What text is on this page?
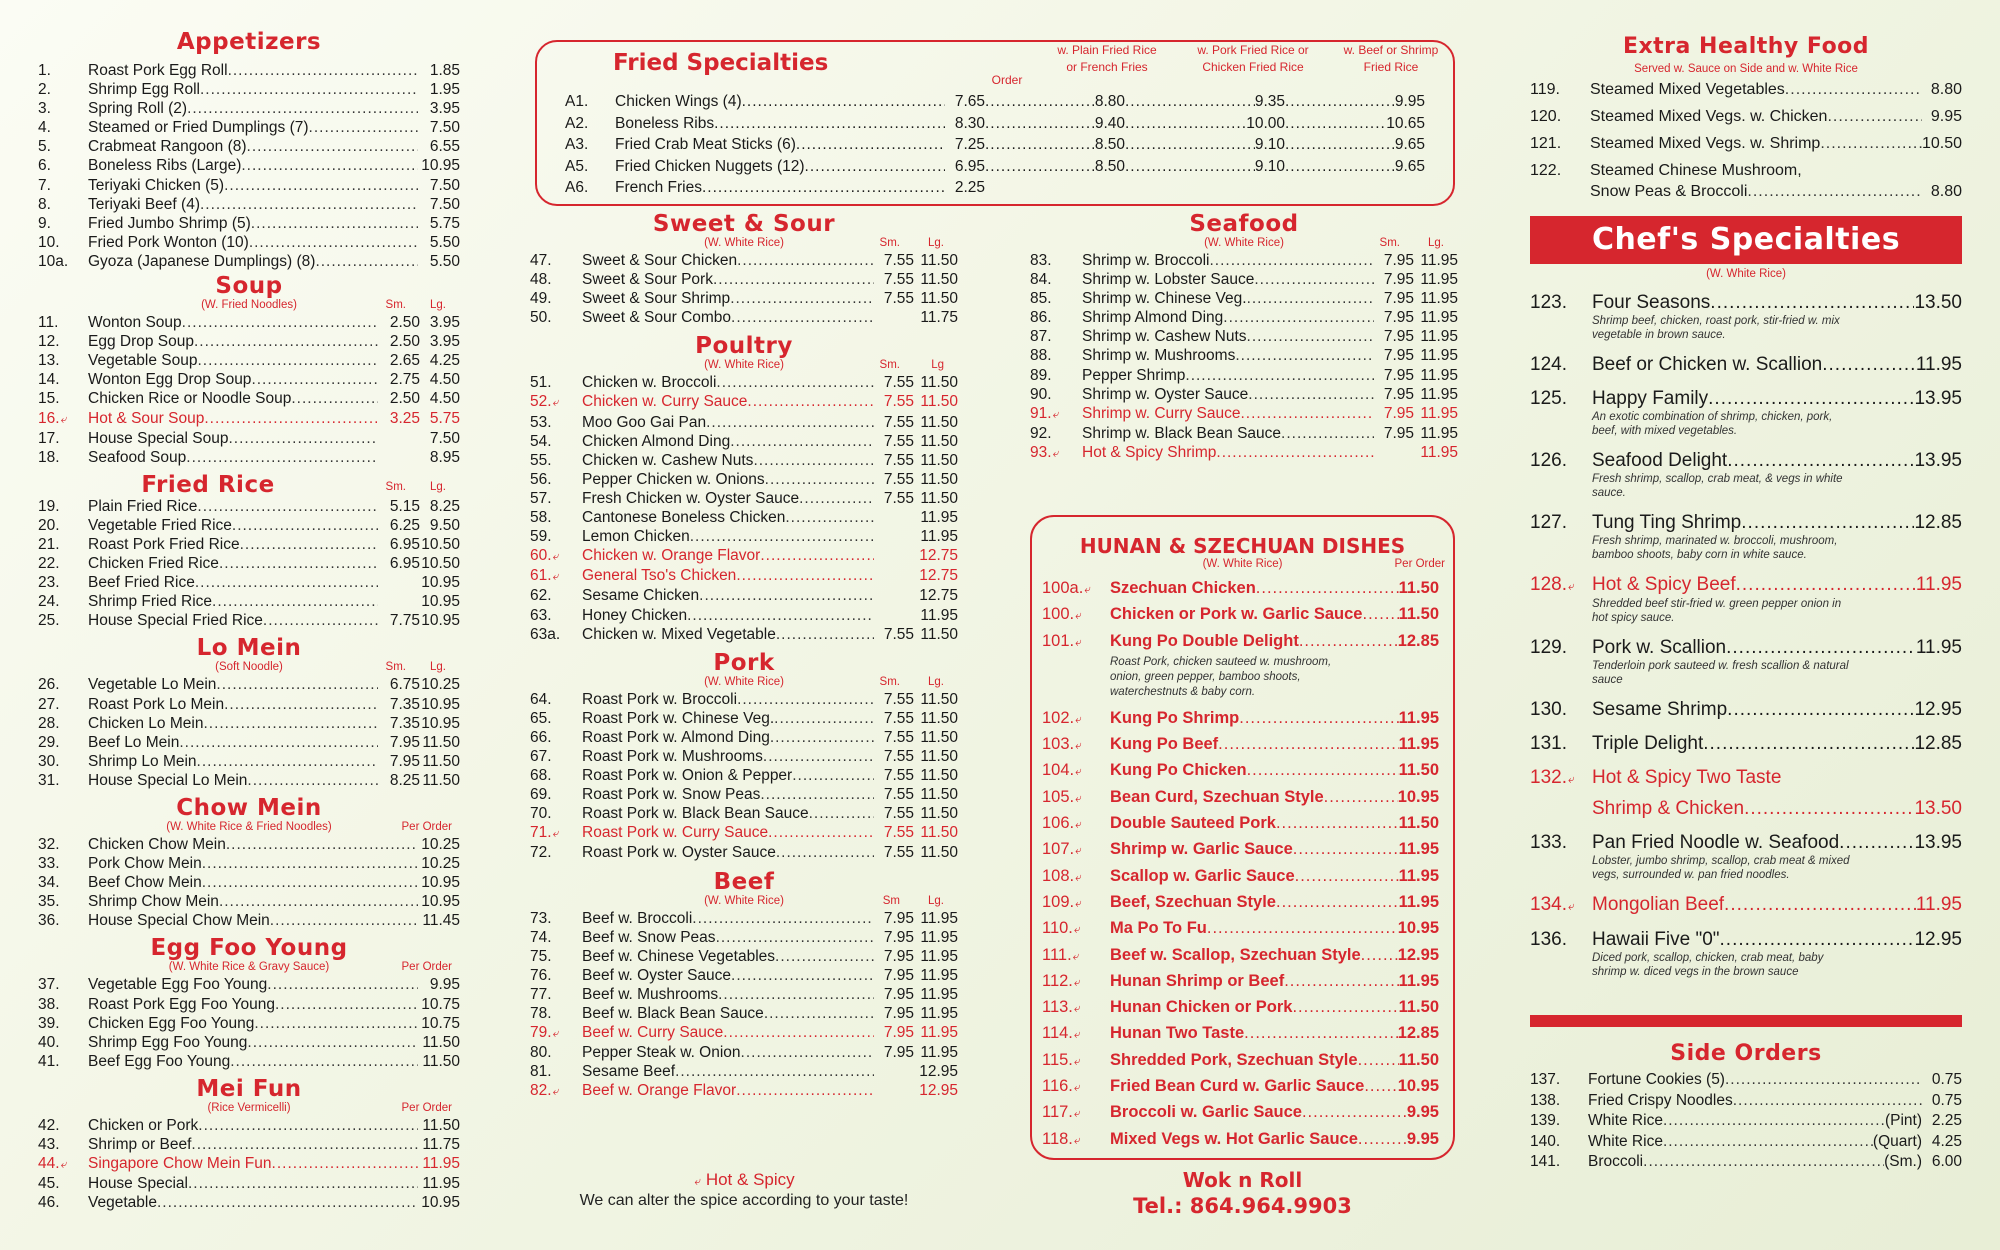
Appetizers
1.	Roast Pork Egg Roll .....	1.85
2.	Shrimp Egg Roll .....	1.95
3.	Spring Roll (2) .....	3.95
4.	Steamed or Fried Dumplings (7) .....	7.50
5.	Crabmeat Rangoon (8) .....	6.55
6.	Boneless Ribs (Large) .....	10.95
7.	Teriyaki Chicken (5) .....	7.50
8.	Teriyaki Beef (4) .....	7.50
9.	Fried Jumbo Shrimp (5) .....	5.75
10.	Fried Pork Wonton (10) .....	5.50
10a.	Gyoza (Japanese Dumplings) (8) .....	5.50
Soup
(W. Fried Noodles)	Sm. Lg.
11.	Wonton Soup .....	2.50 3.95
12.	Egg Drop Soup .....	2.50 3.95
13.	Vegetable Soup .....	2.65 4.25
14.	Wonton Egg Drop Soup .....	2.75 4.50
15.	Chicken Rice or Noodle Soup .....	2.50 4.50
16.⤶	Hot & Sour Soup .....	3.25 5.75
17.	House Special Soup .....	7.50
18.	Seafood Soup .....	8.95
Fried Rice	Sm. Lg.
19.	Plain Fried Rice .....	5.15 8.25
20.	Vegetable Fried Rice .....	6.25 9.50
21.	Roast Pork Fried Rice .....	6.95 10.50
22.	Chicken Fried Rice .....	6.95 10.50
23.	Beef Fried Rice .....	10.95
24.	Shrimp Fried Rice .....	10.95
25.	House Special Fried Rice .....	7.75 10.95
Lo Mein
(Soft Noodle)	Sm. Lg.
26.	Vegetable Lo Mein .....	6.75 10.25
27.	Roast Pork Lo Mein .....	7.35 10.95
28.	Chicken Lo Mein .....	7.35 10.95
29.	Beef Lo Mein .....	7.95 11.50
30.	Shrimp Lo Mein .....	7.95 11.50
31.	House Special Lo Mein .....	8.25 11.50
Chow Mein
(W. White Rice & Fried Noodles)	Per Order
32.	Chicken Chow Mein .....	10.25
33.	Pork Chow Mein .....	10.25
34.	Beef Chow Mein .....	10.95
35.	Shrimp Chow Mein .....	10.95
36.	House Special Chow Mein .....	11.45
Egg Foo Young
(W. White Rice & Gravy Sauce)	Per Order
37.	Vegetable Egg Foo Young .....	9.95
38.	Roast Pork Egg Foo Young .....	10.75
39.	Chicken Egg Foo Young .....	10.75
40.	Shrimp Egg Foo Young .....	11.50
41.	Beef Egg Foo Young .....	11.50
Mei Fun
(Rice Vermicelli)	Per Order
42.	Chicken or Pork .....	11.50
43.	Shrimp or Beef .....	11.75
44.⤶	Singapore Chow Mein Fun .....	11.95
45.	House Special .....	11.95
46.	Vegetable .....	10.95
Fried Specialties
Order
w. Plain Fried Rice
or French Fries
w. Pork Fried Rice or
Chicken Fried Rice
w. Beef or Shrimp
Fried Rice
A1.	Chicken Wings (4) .....	7.65 .....	8.80 .....	9.35 .....	9.95
A2.	Boneless Ribs .....	8.30 .....	9.40 .....	10.00 .....	10.65
A3.	Fried Crab Meat Sticks (6) .....	7.25 .....	8.50 .....	9.10 .....	9.65
A5.	Fried Chicken Nuggets (12) .....	6.95 .....	8.50 .....	9.10 .....	9.65
A6.	French Fries .....	2.25
Sweet & Sour
(W. White Rice)	Sm. Lg.
47.	Sweet & Sour Chicken .....	7.55 11.50
48.	Sweet & Sour Pork .....	7.55 11.50
49.	Sweet & Sour Shrimp .....	7.55 11.50
50.	Sweet & Sour Combo .....	11.75
Poultry
(W. White Rice)	Sm.	Lg
51.	Chicken w. Broccoli .....	7.55 11.50
52.⤶	Chicken w. Curry Sauce .....	7.55 11.50
53.	Moo Goo Gai Pan .....	7.55 11.50
54.	Chicken Almond Ding .....	7.55 11.50
55.	Chicken w. Cashew Nuts .....	7.55 11.50
56.	Pepper Chicken w. Onions .....	7.55 11.50
57.	Fresh Chicken w. Oyster Sauce .....	7.55 11.50
58.	Cantonese Boneless Chicken .....	11.95
59.	Lemon Chicken .....	11.95
60.⤶	Chicken w. Orange Flavor .....	12.75
61.⤶	General Tso's Chicken .....	12.75
62.	Sesame Chicken .....	12.75
63.	Honey Chicken .....	11.95
63a.	Chicken w. Mixed Vegetable .....	7.55 11.50
Pork
(W. White Rice)	Sm. Lg.
64.	Roast Pork w. Broccoli .....	7.55 11.50
65.	Roast Pork w. Chinese Veg. .....	7.55 11.50
66.	Roast Pork w. Almond Ding .....	7.55 11.50
67.	Roast Pork w. Mushrooms .....	7.55 11.50
68.	Roast Pork w. Onion & Pepper .....	7.55 11.50
69.	Roast Pork w. Snow Peas .....	7.55 11.50
70.	Roast Pork w. Black Bean Sauce .....	7.55 11.50
71.⤶	Roast Pork w. Curry Sauce .....	7.55 11.50
72.	Roast Pork w. Oyster Sauce .....	7.55 11.50
Beef
(W. White Rice)	Sm Lg.
73.	Beef w. Broccoli .....	7.95 11.95
74.	Beef w. Snow Peas .....	7.95 11.95
75.	Beef w. Chinese Vegetables .....	7.95 11.95
76.	Beef w. Oyster Sauce .....	7.95 11.95
77.	Beef w. Mushrooms .....	7.95 11.95
78.	Beef w. Black Bean Sauce .....	7.95 11.95
79.⤶	Beef w. Curry Sauce .....	7.95 11.95
80.	Pepper Steak w. Onion .....	7.95 11.95
81.	Sesame Beef .....	12.95
82.⤶	Beef w. Orange Flavor .....	12.95
Seafood
(W. White Rice)	Sm. Lg.
83.	Shrimp w. Broccoli .....	7.95 11.95
84.	Shrimp w. Lobster Sauce .....	7.95 11.95
85.	Shrimp w. Chinese Veg. .....	7.95 11.95
86.	Shrimp Almond Ding .....	7.95 11.95
87.	Shrimp w. Cashew Nuts .....	7.95 11.95
88.	Shrimp w. Mushrooms .....	7.95 11.95
89.	Pepper Shrimp .....	7.95 11.95
90.	Shrimp w. Oyster Sauce .....	7.95 11.95
91.⤶	Shrimp w. Curry Sauce .....	7.95 11.95
92.	Shrimp w. Black Bean Sauce .....	7.95 11.95
93.⤶	Hot & Spicy Shrimp .....	11.95
HUNAN & SZECHUAN DISHES
(W. White Rice)	Per Order
100a.⤶	Szechuan Chicken .....	11.50
100.⤶	Chicken or Pork w. Garlic Sauce ..... 11.50
101.⤶	Kung Po Double Delight .....	12.85
Roast Pork, chicken sauteed w. mushroom, onion, green pepper, bamboo shoots, waterchestnuts & baby corn.
102.⤶	Kung Po Shrimp .....	11.95
103.⤶	Kung Po Beef .....	11.95
104.⤶	Kung Po Chicken .....	11.50
105.⤶	Bean Curd, Szechuan Style .....	10.95
106.⤶	Double Sauteed Pork .....	11.50
107.⤶	Shrimp w. Garlic Sauce .....	11.95
108.⤶	Scallop w. Garlic Sauce .....	11.95
109.⤶	Beef, Szechuan Style .....	11.95
110.⤶	Ma Po To Fu .....	10.95
111.⤶	Beef w. Scallop, Szechuan Style ..... 12.95
112.⤶	Hunan Shrimp or Beef .....	11.95
113.⤶	Hunan Chicken or Pork .....	11.50
114.⤶	Hunan Two Taste .....	12.85
115.⤶	Shredded Pork, Szechuan Style ..... 11.50
116.⤶	Fried Bean Curd w. Garlic Sauce ..... 10.95
117.⤶	Broccoli w. Garlic Sauce .....	9.95
118.⤶	Mixed Vegs w. Hot Garlic Sauce .....	9.95
⤶ Hot & Spicy
We can alter the spice according to your taste!
Wok n Roll
Tel.: 864.964.9903
Extra Healthy Food
Served w. Sauce on Side and w. White Rice
119.	Steamed Mixed Vegetables .....	8.80
120.	Steamed Mixed Vegs. w. Chicken .....	9.95
121.	Steamed Mixed Vegs. w. Shrimp .....	10.50
122.	Steamed Chinese Mushroom,
Snow Peas & Broccoli .....	8.80
Chef's Specialties
(W. White Rice)
123.	Four Seasons .....	13.50
Shrimp beef, chicken, roast pork, stir-fried w. mix vegetable in brown sauce.
124.	Beef or Chicken w. Scallion .....	11.95
125.	Happy Family .....	13.95
An exotic combination of shrimp, chicken, pork, beef, with mixed vegetables.
126.	Seafood Delight .....	13.95
Fresh shrimp, scallop, crab meat, & vegs in white sauce.
127.	Tung Ting Shrimp .....	12.85
Fresh shrimp, marinated w. broccoli, mushroom, bamboo shoots, baby corn in white sauce.
128.⤶ Hot & Spicy Beef .....	11.95
Shredded beef stir-fried w. green pepper onion in hot spicy sauce.
129.	Pork w. Scallion .....	11.95
Tenderloin pork sauteed w. fresh scallion & natural sauce
130.	Sesame Shrimp .....	12.95
131.	Triple Delight .....	12.85
132.⤶ Hot & Spicy Two Taste
Shrimp & Chicken .....	13.50
133.	Pan Fried Noodle w. Seafood .....	13.95
Lobster, jumbo shrimp, scallop, crab meat & mixed vegs, surrounded w. pan fried noodles.
134.⤶ Mongolian Beef .....	11.95
136.	Hawaii Five "0" .....	12.95
Diced pork, scallop, chicken, crab meat, baby shrimp w. diced vegs in the brown sauce
Side Orders
137.	Fortune Cookies (5) .....	0.75
138.	Fried Crispy Noodles .....	0.75
139.	White Rice .....	(Pint) 2.25
140.	White Rice .....	(Quart) 4.25
141.	Broccoli .....	(Sm.) 6.00
